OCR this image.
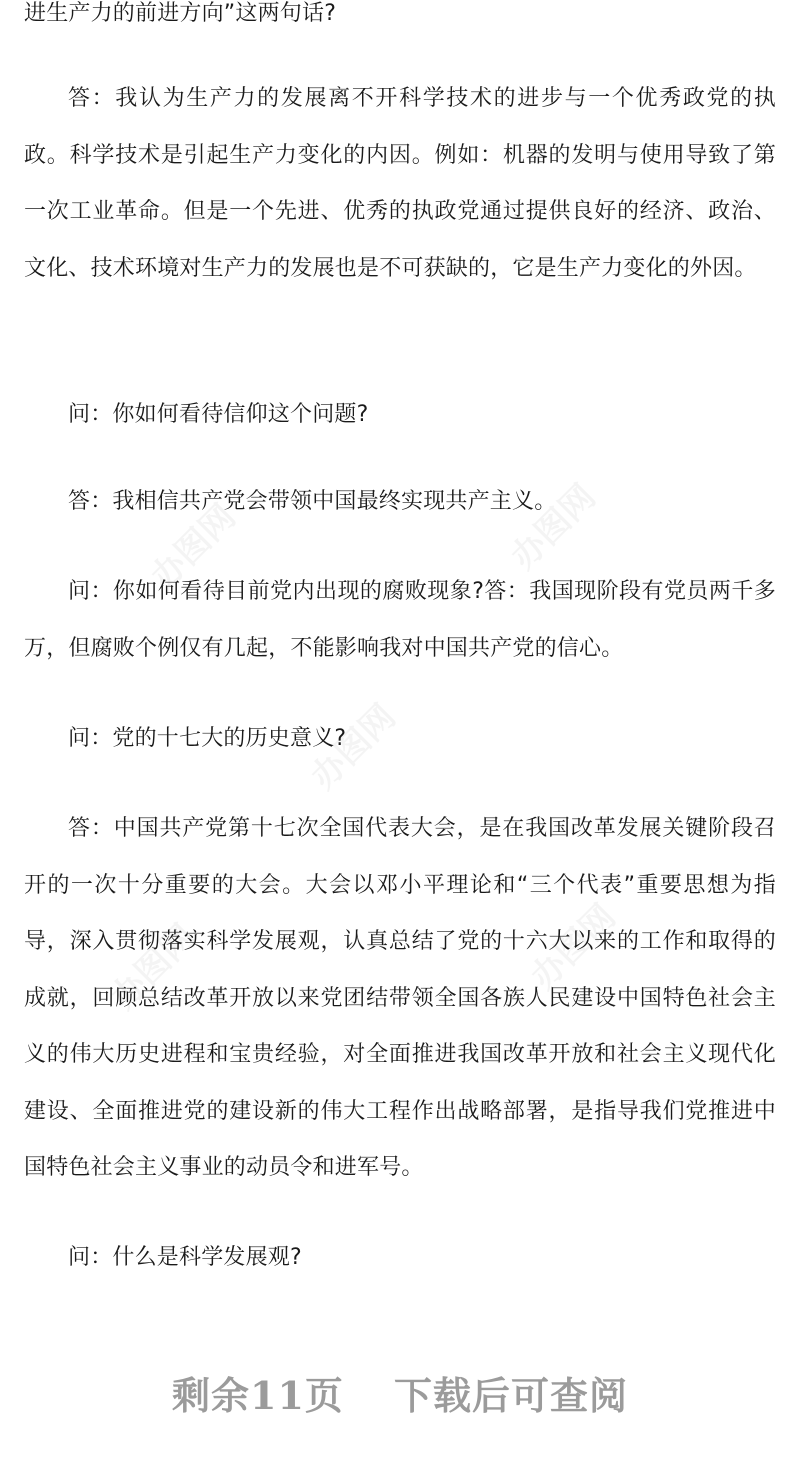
进生产力的前进方向”这两句话?

答：我认为生产力的发展离不开科学技术的进步与一个优秀政党的执政。科学技术是引起生产力变化的内因。例如：机器的发明与使用导致了第一次工业革命。但是一个先进、优秀的执政党通过提供良好的经济、政治、文化、技术环境对生产力的发展也是不可获缺的，它是生产力变化的外因。

问：你如何看待信仰这个问题?

答：我相信共产党会带领中国最终实现共产主义。

问：你如何看待目前党内出现的腐败现象?答：我国现阶段有党员两千多万，但腐败个例仅有几起，不能影响我对中国共产党的信心。

问：党的十七大的历史意义?

答：中国共产党第十七次全国代表大会，是在我国改革发展关键阶段召开的一次十分重要的大会。大会以邓小平理论和“三个代表”重要思想为指导，深入贯彻落实科学发展观，认真总结了党的十六大以来的工作和取得的成就，回顾总结改革开放以来党团结带领全国各族人民建设中国特色社会主义的伟大历史进程和宝贵经验，对全面推进我国改革开放和社会主义现代化建设、全面推进党的建设新的伟大工程作出战略部署，是指导我们党推进中国特色社会主义事业的动员令和进军号。

问：什么是科学发展观?

剩余11页 下载后可查阅
